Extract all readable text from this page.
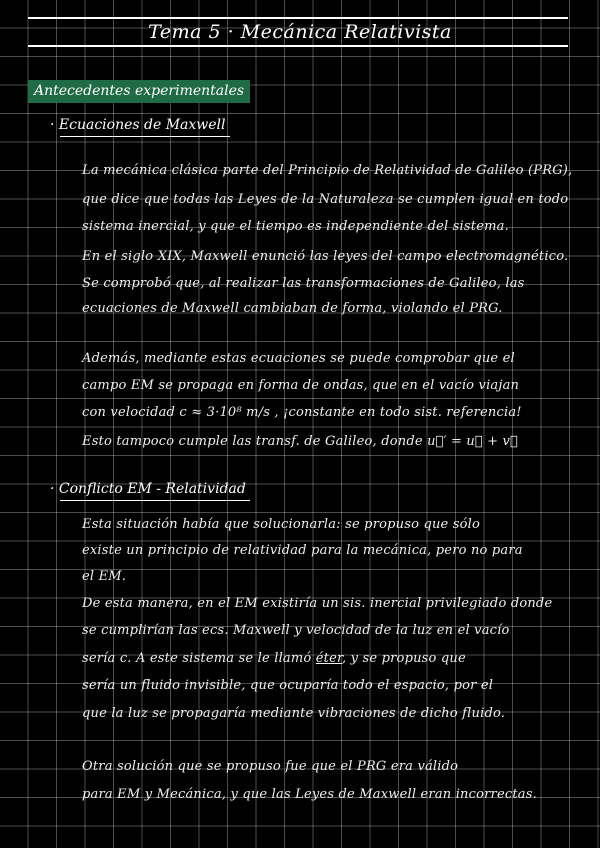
Tema 5 · Mecánica Relativista
Antecedentes experimentales
· Ecuaciones de Maxwell
La mecánica clásica parte del Principio de Relatividad de Galileo (PRG),
que dice que todas las Leyes de la Naturaleza se cumplen igual en todo
sistema inercial, y que el tiempo es independiente del sistema.
En el siglo XIX, Maxwell enunció las leyes del campo electromagnético.
Se comprobó que, al realizar las transformaciones de Galileo, las
ecuaciones de Maxwell cambiaban de forma, violando el PRG.
Además, mediante estas ecuaciones se puede comprobar que el
campo EM se propaga en forma de ondas, que en el vacío viajan
con velocidad c ≈ 3·10⁸ m/s , ¡constante en todo sist. referencia!
Esto tampoco cumple las transf. de Galileo, donde u⃗′ = u⃗ + v⃗
· Conflicto EM - Relatividad
Esta situación había que solucionarla: se propuso que sólo
existe un principio de relatividad para la mecánica, pero no para
el EM.
De esta manera, en el EM existiría un sis. inercial privilegiado donde
se cumplirían las ecs. Maxwell y velocidad de la luz en el vacío
sería c. A este sistema se le llamó éter, y se propuso que
sería un fluido invisible, que ocuparía todo el espacio, por el
que la luz se propagaría mediante vibraciones de dicho fluido.
Otra solución que se propuso fue que el PRG era válido
para EM y Mecánica, y que las Leyes de Maxwell eran incorrectas.
